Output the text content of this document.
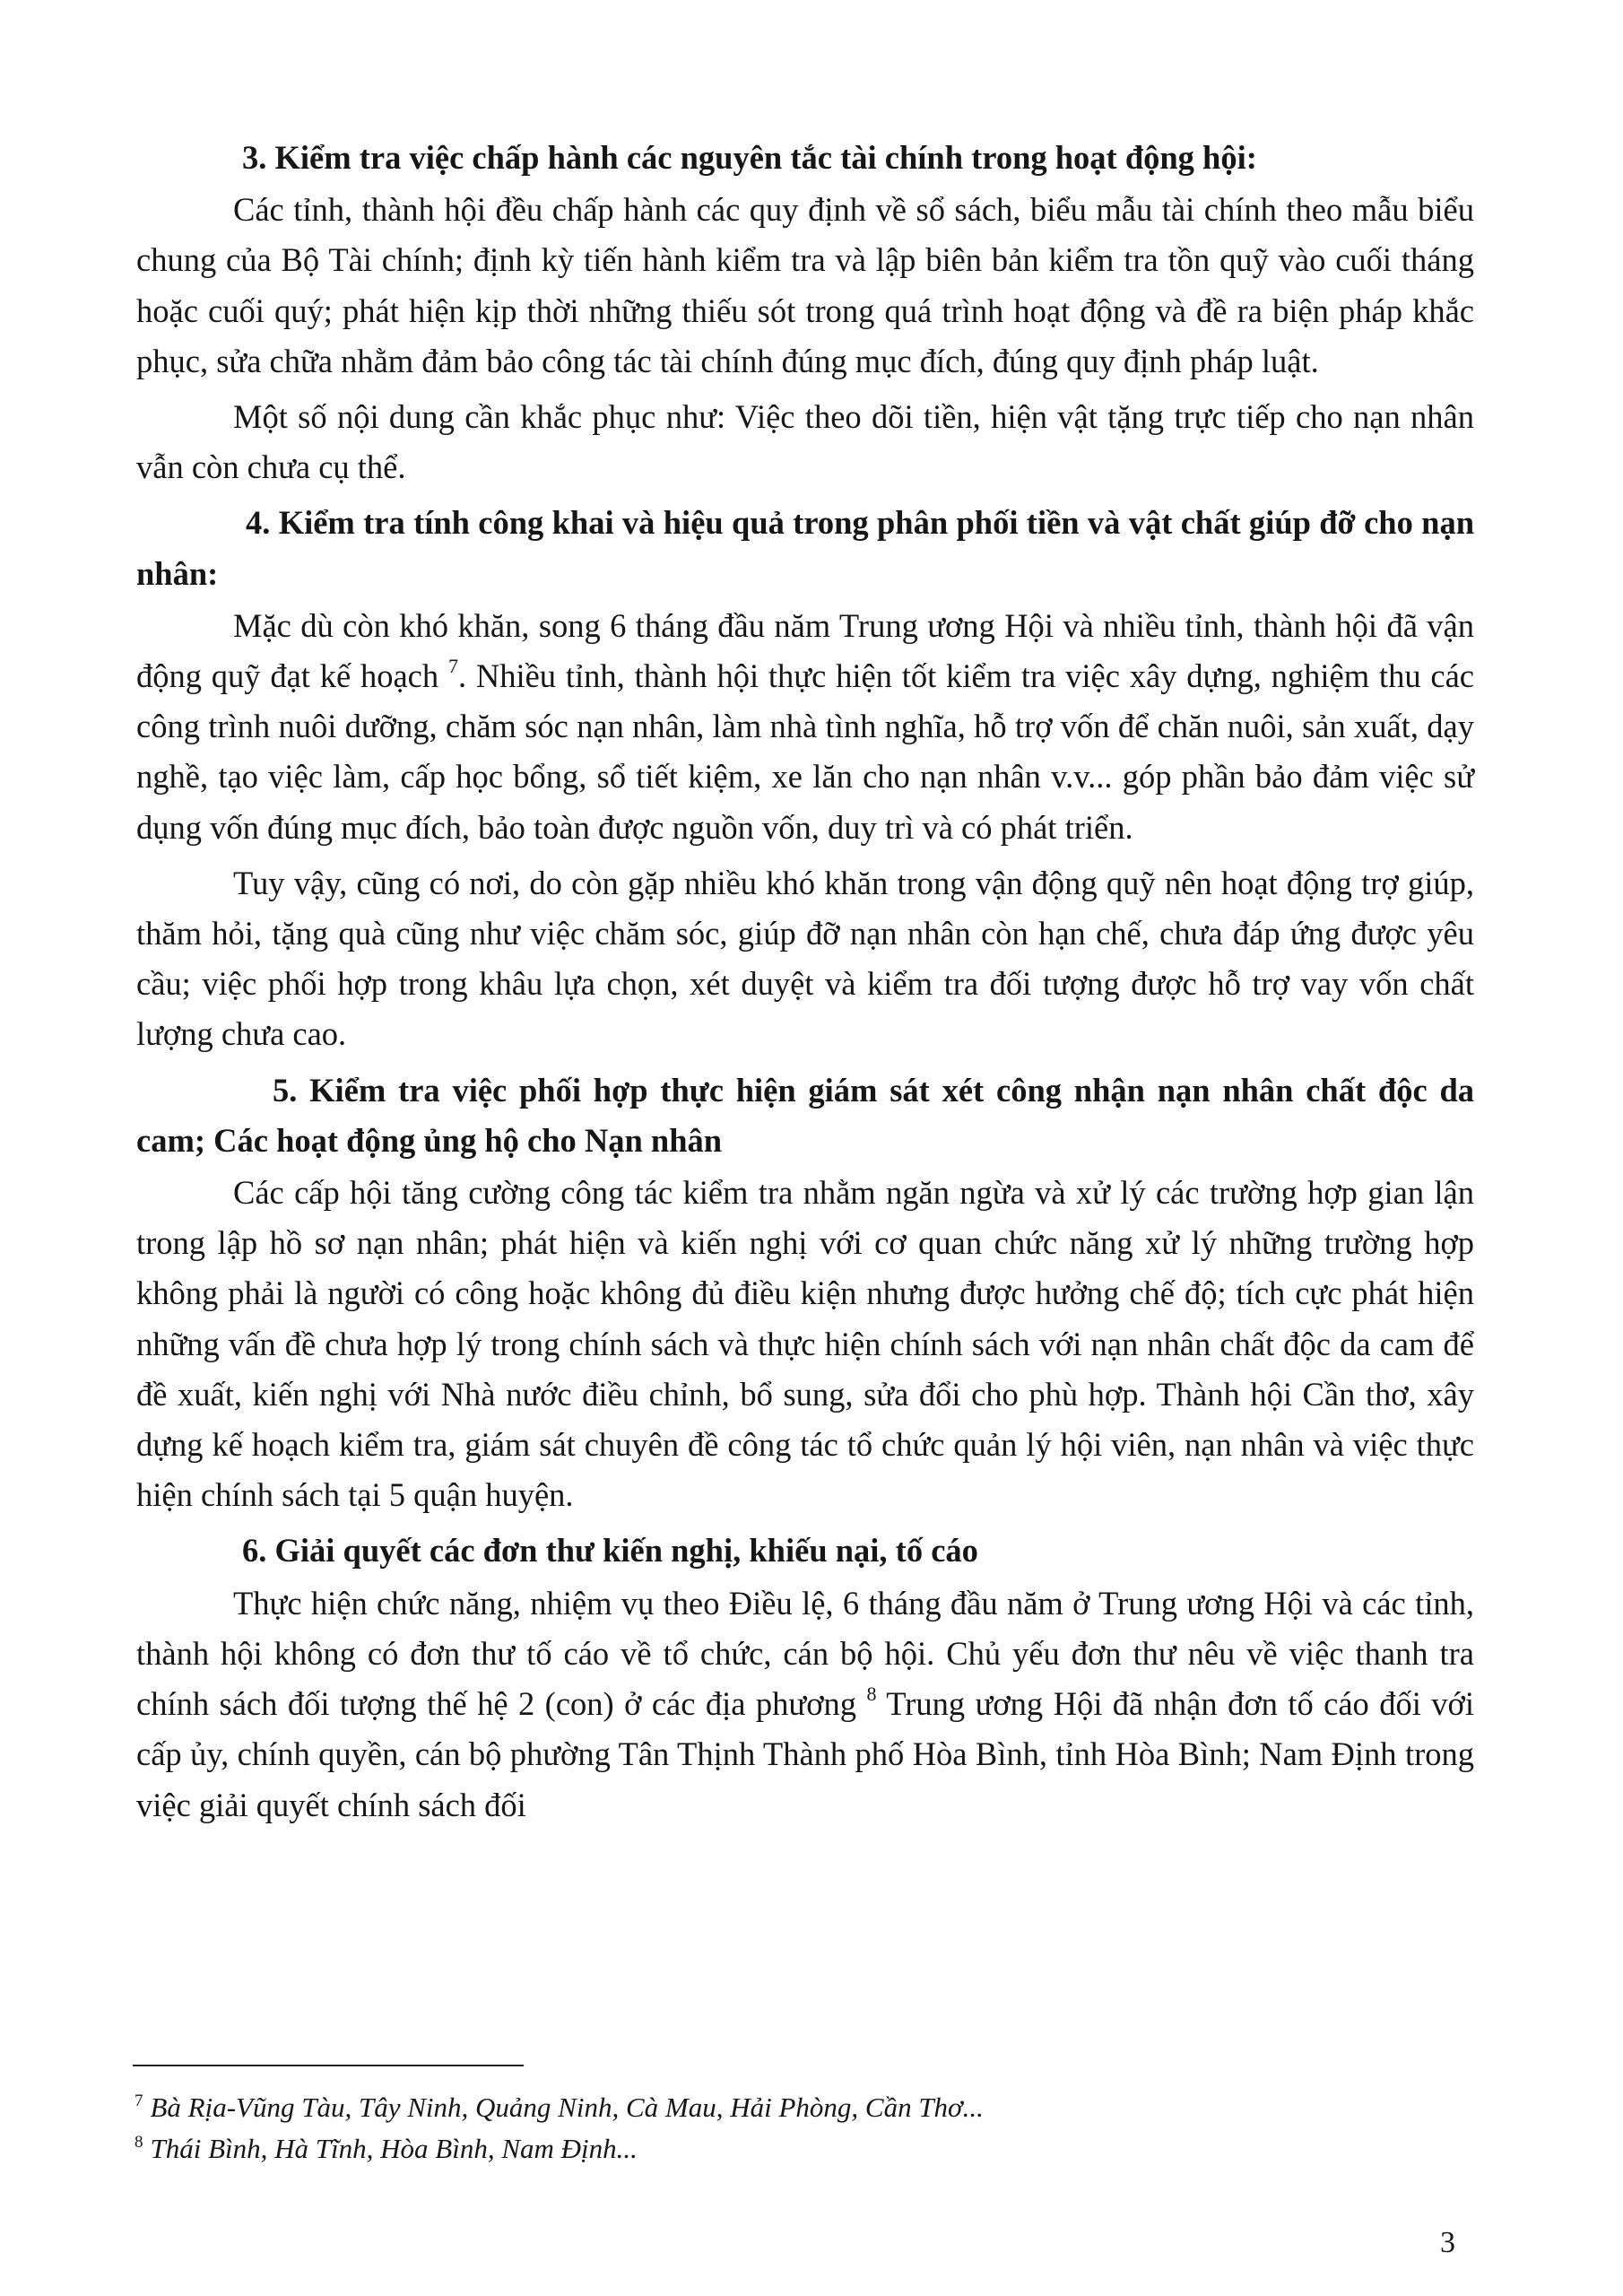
3. Kiểm tra việc chấp hành các nguyên tắc tài chính trong hoạt động hội:

Các tỉnh, thành hội đều chấp hành các quy định về sổ sách, biểu mẫu tài chính theo mẫu biểu chung của Bộ Tài chính; định kỳ tiến hành kiểm tra và lập biên bản kiểm tra tồn quỹ vào cuối tháng hoặc cuối quý; phát hiện kịp thời những thiếu sót trong quá trình hoạt động và đề ra biện pháp khắc phục, sửa chữa nhằm đảm bảo công tác tài chính đúng mục đích, đúng quy định pháp luật.

Một số nội dung cần khắc phục như: Việc theo dõi tiền, hiện vật tặng trực tiếp cho nạn nhân vẫn còn chưa cụ thể.

4. Kiểm tra tính công khai và hiệu quả trong phân phối tiền và vật chất giúp đỡ cho nạn nhân:

Mặc dù còn khó khăn, song 6 tháng đầu năm Trung ương Hội và nhiều tỉnh, thành hội đã vận động quỹ đạt kế hoạch $^7$. Nhiều tỉnh, thành hội thực hiện tốt kiểm tra việc xây dựng, nghiệm thu các công trình nuôi dưỡng, chăm sóc nạn nhân, làm nhà tình nghĩa, hỗ trợ vốn để chăn nuôi, sản xuất, dạy nghề, tạo việc làm, cấp học bổng, sổ tiết kiệm, xe lăn cho nạn nhân v.v... góp phần bảo đảm việc sử dụng vốn đúng mục đích, bảo toàn được nguồn vốn, duy trì và có phát triển.

Tuy vậy, cũng có nơi, do còn gặp nhiều khó khăn trong vận động quỹ nên hoạt động trợ giúp, thăm hỏi, tặng quà cũng như việc chăm sóc, giúp đỡ nạn nhân còn hạn chế, chưa đáp ứng được yêu cầu; việc phối hợp trong khâu lựa chọn, xét duyệt và kiểm tra đối tượng được hỗ trợ vay vốn chất lượng chưa cao.

5. Kiểm tra việc phối hợp thực hiện giám sát xét công nhận nạn nhân chất độc da cam; Các hoạt động ủng hộ cho Nạn nhân

Các cấp hội tăng cường công tác kiểm tra nhằm ngăn ngừa và xử lý các trường hợp gian lận trong lập hồ sơ nạn nhân; phát hiện và kiến nghị với cơ quan chức năng xử lý những trường hợp không phải là người có công hoặc không đủ điều kiện nhưng được hưởng chế độ; tích cực phát hiện những vấn đề chưa hợp lý trong chính sách và thực hiện chính sách với nạn nhân chất độc da cam để đề xuất, kiến nghị với Nhà nước điều chỉnh, bổ sung, sửa đổi cho phù hợp. Thành hội Cần thơ, xây dựng kế hoạch kiểm tra, giám sát chuyên đề công tác tổ chức quản lý hội viên, nạn nhân và việc thực hiện chính sách tại 5 quận huyện.

6. Giải quyết các đơn thư kiến nghị, khiếu nại, tố cáo

Thực hiện chức năng, nhiệm vụ theo Điều lệ, 6 tháng đầu năm ở Trung ương Hội và các tỉnh, thành hội không có đơn thư tố cáo về tổ chức, cán bộ hội. Chủ yếu đơn thư nêu về việc thanh tra chính sách đối tượng thế hệ 2 (con) ở các địa phương $^8$ Trung ương Hội đã nhận đơn tố cáo đối với cấp ủy, chính quyền, cán bộ phường Tân Thịnh Thành phố Hòa Bình, tỉnh Hòa Bình; Nam Định trong việc giải quyết chính sách đối

$^7$ Bà Rịa-Vũng Tàu, Tây Ninh, Quảng Ninh, Cà Mau, Hải Phòng, Cần Thơ...

$^8$ Thái Bình, Hà Tĩnh, Hòa Bình, Nam Định...

3
